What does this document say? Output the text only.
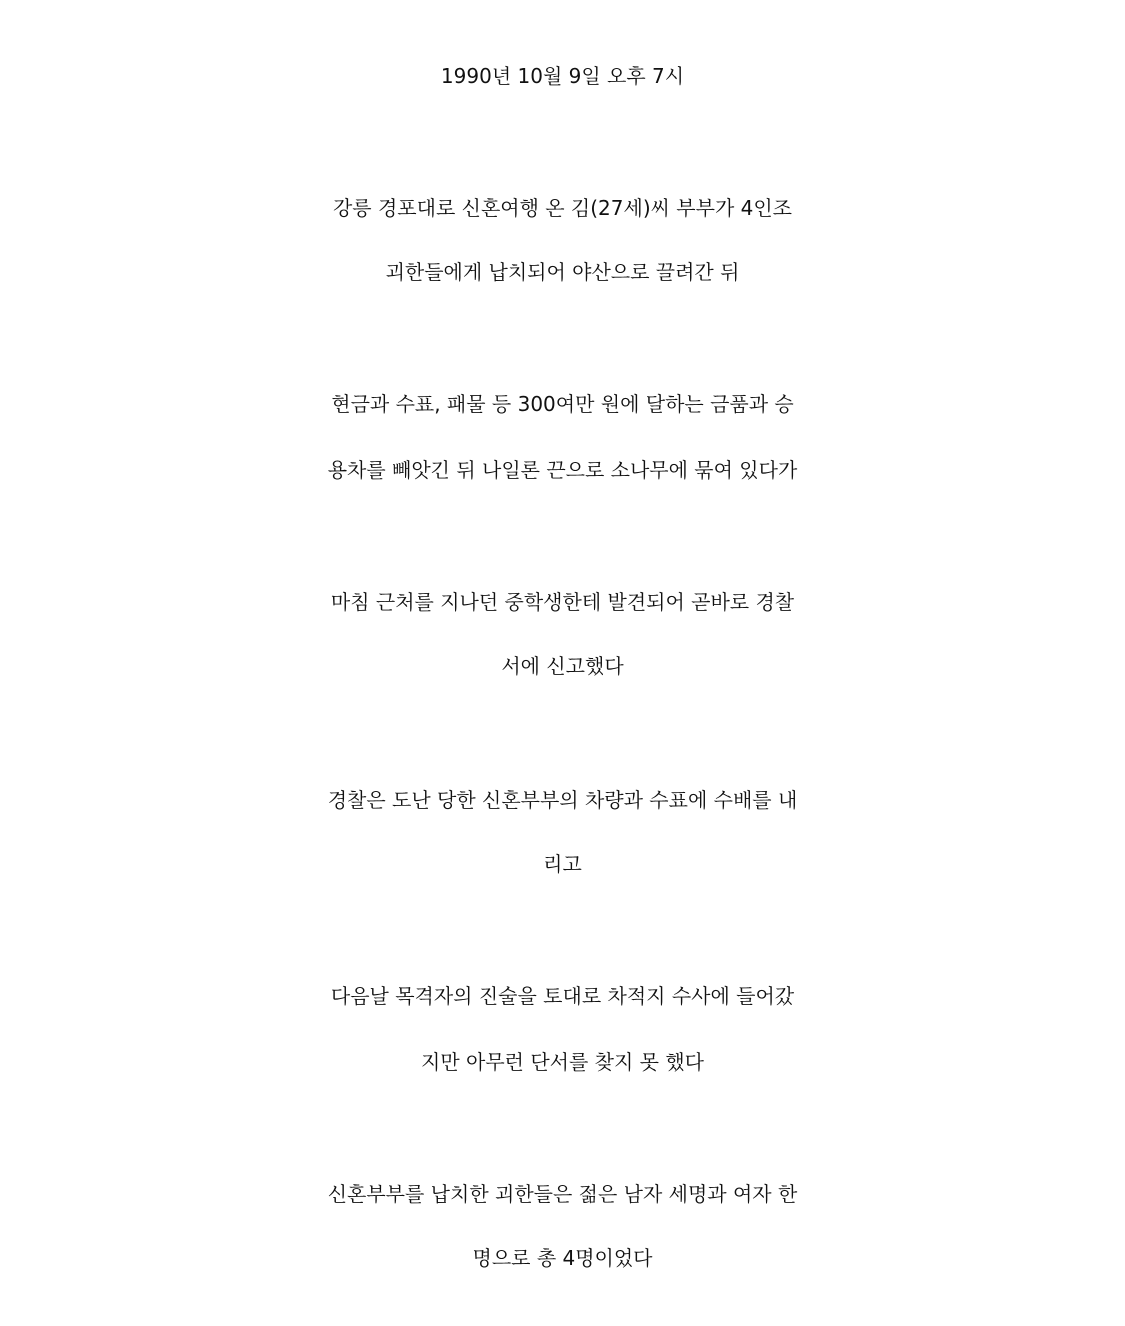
1990년 10월 9일 오후 7시
강릉 경포대로 신혼여행 온 김(27세)씨 부부가 4인조
괴한들에게 납치되어 야산으로 끌려간 뒤
현금과 수표, 패물 등 300여만 원에 달하는 금품과 승
용차를 빼앗긴 뒤 나일론 끈으로 소나무에 묶여 있다가
마침 근처를 지나던 중학생한테 발견되어 곧바로 경찰
서에 신고했다
경찰은 도난 당한 신혼부부의 차량과 수표에 수배를 내
리고
다음날 목격자의 진술을 토대로 차적지 수사에 들어갔
지만 아무런 단서를 찾지 못 했다
신혼부부를 납치한 괴한들은 젊은 남자 세명과 여자 한
명으로 총 4명이었다
